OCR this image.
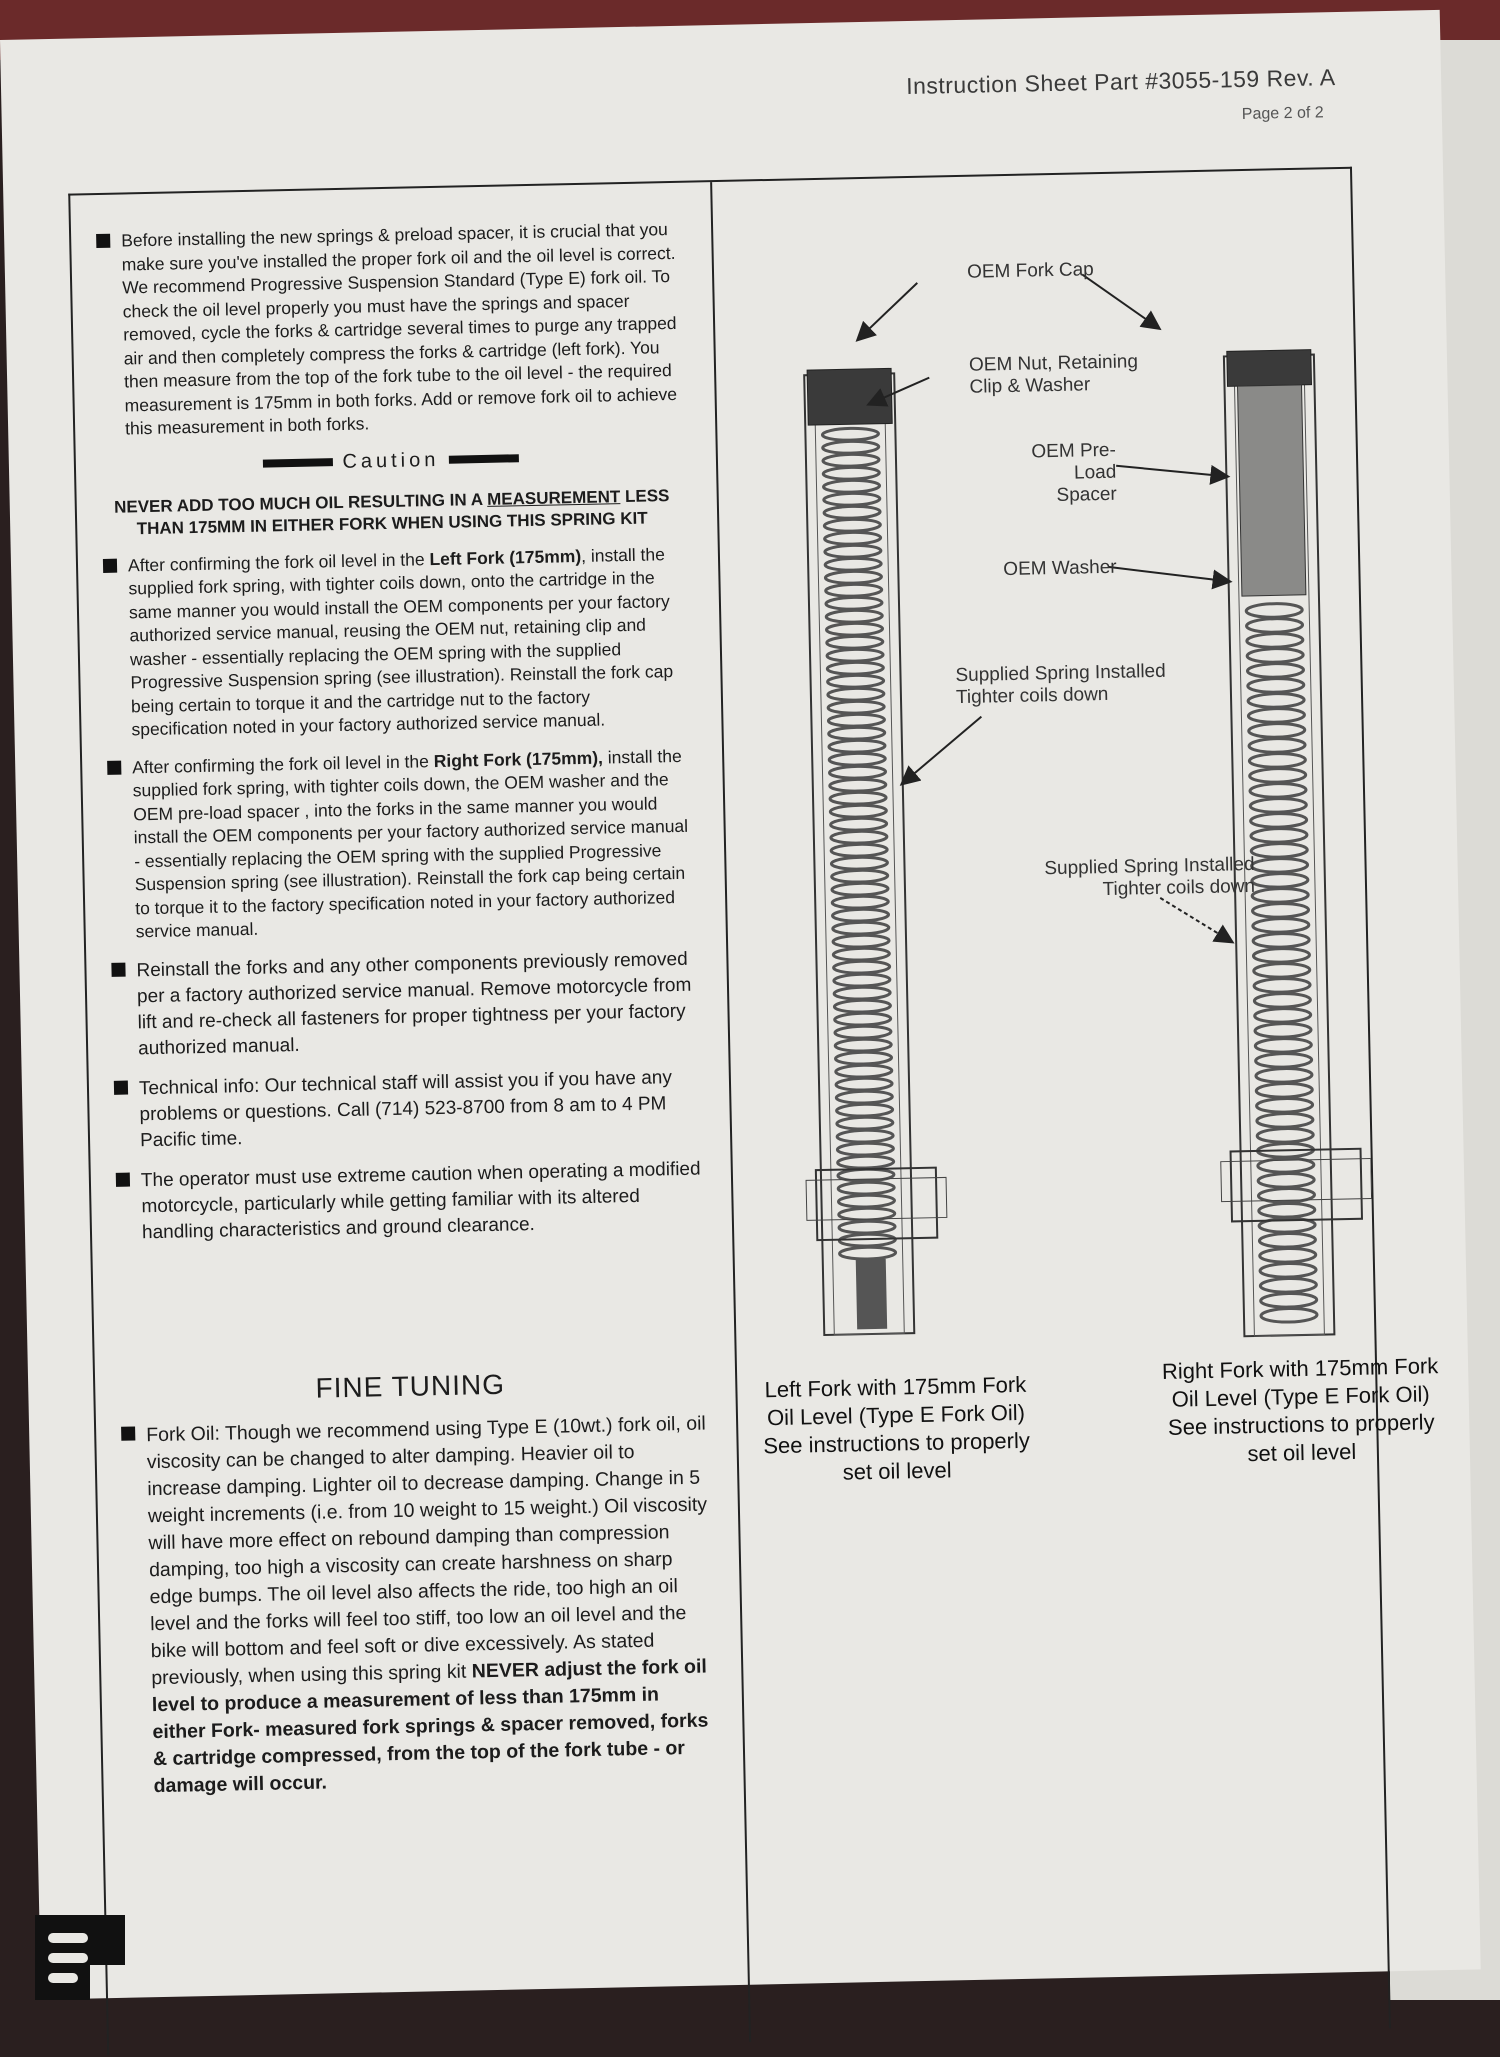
Instruction Sheet Part #3055-159 Rev. A
Page 2 of 2
Before installing the new springs & preload spacer, it is crucial that you make sure you've installed the proper fork oil and the oil level is correct. We recommend Progressive Suspension Standard (Type E) fork oil. To check the oil level properly you must have the springs and spacer removed, cycle the forks & cartridge several times to purge any trapped air and then completely compress the forks & cartridge (left fork). You then measure from the top of the fork tube to the oil level - the required measurement is 175mm in both forks. Add or remove fork oil to achieve this measurement in both forks.
Caution
NEVER ADD TOO MUCH OIL RESULTING IN A MEASUREMENT LESS THAN 175MM IN EITHER FORK WHEN USING THIS SPRING KIT
After confirming the fork oil level in the Left Fork (175mm), install the supplied fork spring, with tighter coils down, onto the cartridge in the same manner you would install the OEM components per your factory authorized service manual, reusing the OEM nut, retaining clip and washer - essentially replacing the OEM spring with the supplied Progressive Suspension spring (see illustration). Reinstall the fork cap being certain to torque it and the cartridge nut to the factory specification noted in your factory authorized service manual.
After confirming the fork oil level in the Right Fork (175mm), install the supplied fork spring, with tighter coils down, the OEM washer and the OEM pre-load spacer , into the forks in the same manner you would install the OEM components per your factory authorized service manual - essentially replacing the OEM spring with the supplied Progressive Suspension spring (see illustration). Reinstall the fork cap being certain to torque it to the factory specification noted in your factory authorized service manual.
Reinstall the forks and any other components previously removed per a factory authorized service manual. Remove motorcycle from lift and re-check all fasteners for proper tightness per your factory authorized manual.
Technical info: Our technical staff will assist you if you have any problems or questions. Call (714) 523-8700 from 8 am to 4 PM Pacific time.
The operator must use extreme caution when operating a modified motorcycle, particularly while getting familiar with its altered handling characteristics and ground clearance.
FINE TUNING
Fork Oil: Though we recommend using Type E (10wt.) fork oil, oil viscosity can be changed to alter damping. Heavier oil to increase damping. Lighter oil to decrease damping. Change in 5 weight increments (i.e. from 10 weight to 15 weight.) Oil viscosity will have more effect on rebound damping than compression damping, too high a viscosity can create harshness on sharp edge bumps. The oil level also affects the ride, too high an oil level and the forks will feel too stiff, too low an oil level and the bike will bottom and feel soft or dive excessively. As stated previously, when using this spring kit NEVER adjust the fork oil level to produce a measurement of less than 175mm in either Fork- measured fork springs & spacer removed, forks & cartridge compressed, from the top of the fork tube - or damage will occur.
OEM Fork Cap
OEM Nut, Retaining
Clip & Washer
OEM Pre-Load
Spacer
OEM Washer
Supplied Spring Installed
Tighter coils down
Supplied Spring Installed
Tighter coils down
Left Fork with 175mm Fork
Oil Level (Type E Fork Oil)
See instructions to properly
set oil level
Right Fork with 175mm Fork
Oil Level (Type E Fork Oil)
See instructions to properly
set oil level
